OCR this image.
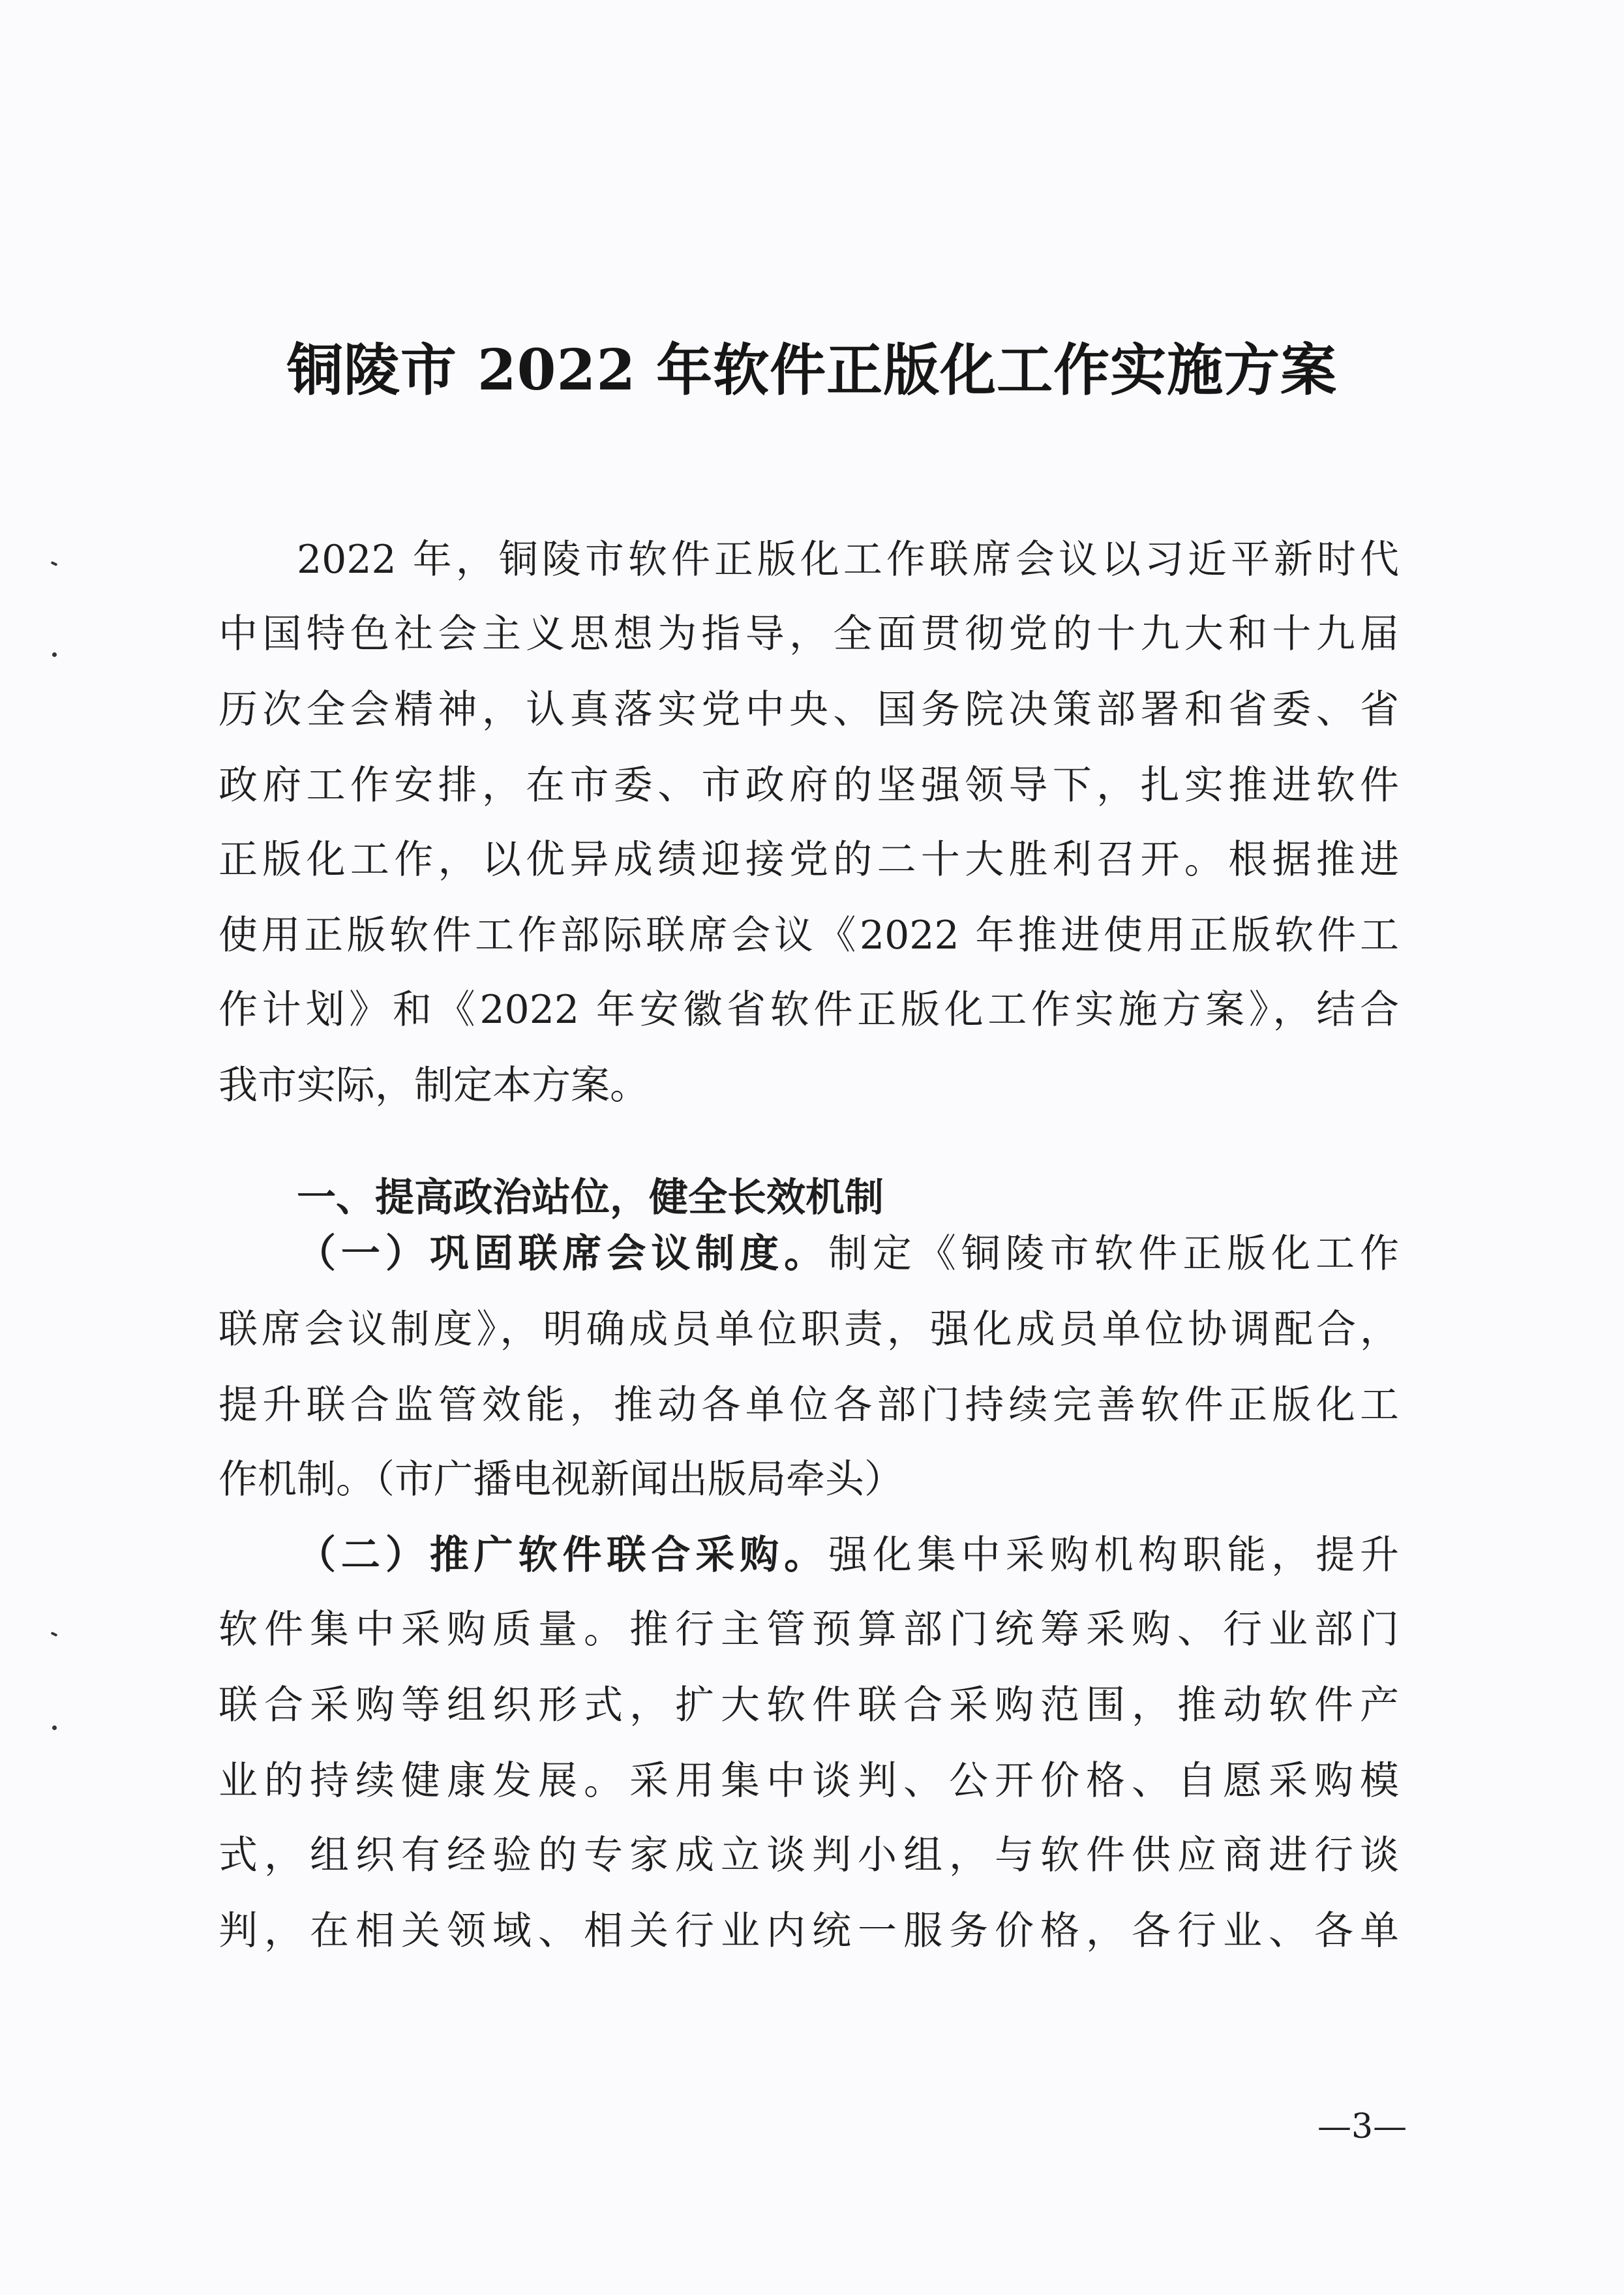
铜陵市 2022 年软件正版化工作实施方案
2022 年，铜陵市软件正版化工作联席会议以习近平新时代
中国特色社会主义思想为指导，全面贯彻党的十九大和十九届
历次全会精神，认真落实党中央、国务院决策部署和省委、省
政府工作安排，在市委、市政府的坚强领导下，扎实推进软件
正版化工作，以优异成绩迎接党的二十大胜利召开。根据推进
使用正版软件工作部际联席会议《2022 年推进使用正版软件工
作计划》和《2022 年安徽省软件正版化工作实施方案》，结合
我市实际，制定本方案。
一、提高政治站位，健全长效机制
（一）巩固联席会议制度。制定《铜陵市软件正版化工作
联席会议制度》，明确成员单位职责，强化成员单位协调配合，
提升联合监管效能，推动各单位各部门持续完善软件正版化工
作机制。（市广播电视新闻出版局牵头）
（二）推广软件联合采购。强化集中采购机构职能，提升
软件集中采购质量。推行主管预算部门统筹采购、行业部门
联合采购等组织形式，扩大软件联合采购范围，推动软件产
业的持续健康发展。采用集中谈判、公开价格、自愿采购模
式，组织有经验的专家成立谈判小组，与软件供应商进行谈
判，在相关领域、相关行业内统一服务价格，各行业、各单
—3—
